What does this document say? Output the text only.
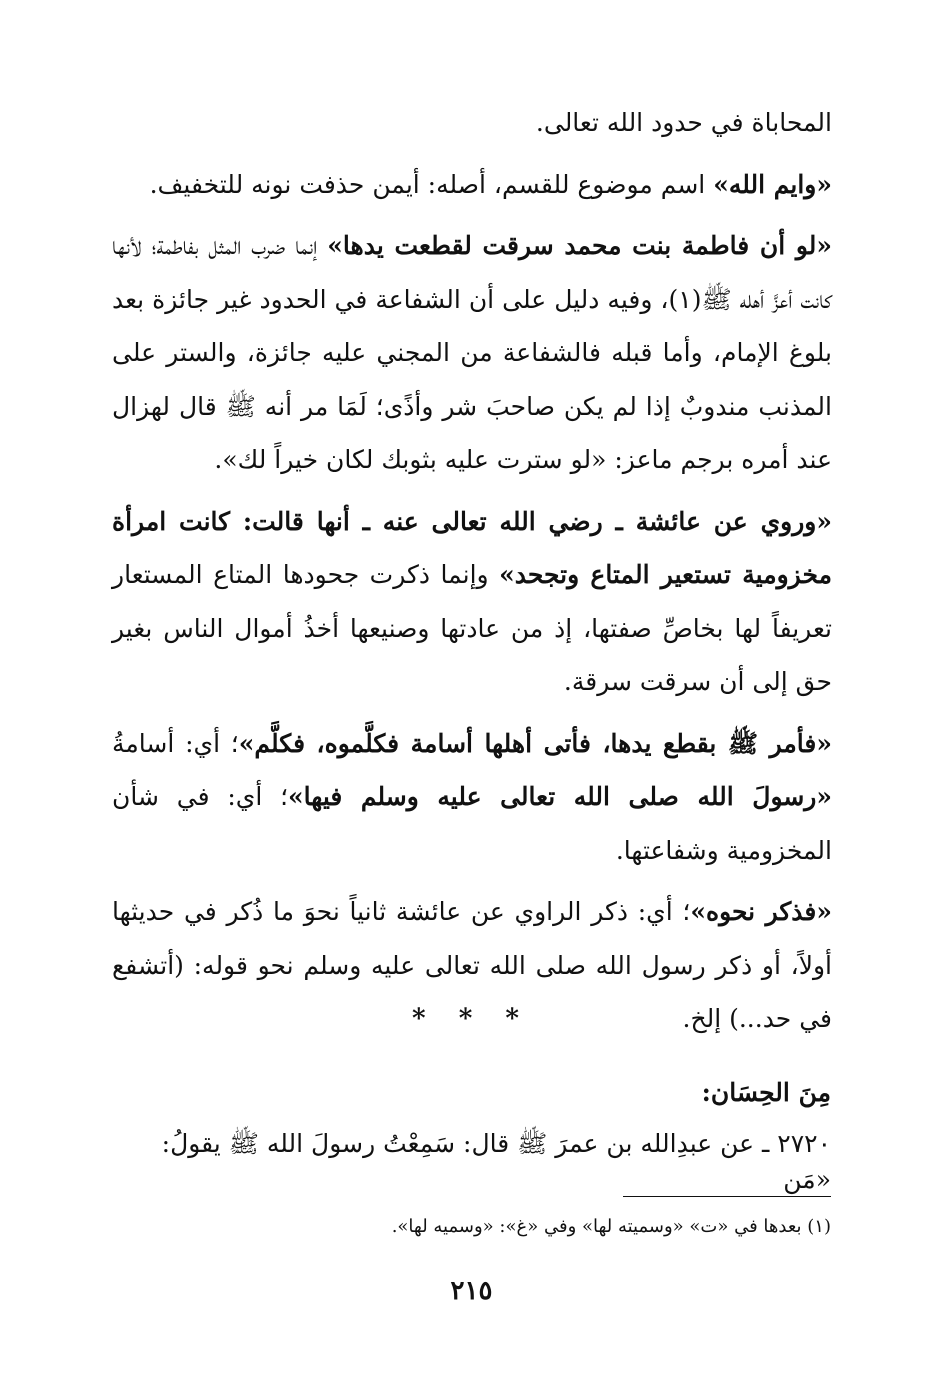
المحاباة في حدود الله تعالى.

«وايم الله» اسم موضوع للقسم، أصله: أيمن حذفت نونه للتخفيف.

«لو أن فاطمة بنت محمد سرقت لقطعت يدها» إنما ضرب المثل بفاطمة؛ لأنها كانت أعزَّ أهله ﷺ(١)، وفيه دليل على أن الشفاعة في الحدود غير جائزة بعد بلوغ الإمام، وأما قبله فالشفاعة من المجني عليه جائزة، والستر على المذنب مندوبٌ إذا لم يكن صاحبَ شر وأذًى؛ لَمَا مر أنه ﷺ قال لهزال عند أمره برجم ماعز: «لو سترت عليه بثوبك لكان خيراً لك».

«وروي عن عائشة ـ رضي الله تعالى عنه ـ أنها قالت: كانت امرأة مخزومية تستعير المتاع وتجحد» وإنما ذكرت جحودها المتاع المستعار تعريفاً لها بخاصِّ صفتها، إذ من عادتها وصنيعها أخذُ أموال الناس بغير حق إلى أن سرقت سرقة.

«فأمر ﷺ بقطع يدها، فأتى أهلها أسامة فكلَّموه، فكلَّم»؛ أي: أسامةُ «رسولَ الله صلى الله تعالى عليه وسلم فيها»؛ أي: في شأن المخزومية وشفاعتها.

«فذكر نحوه»؛ أي: ذكر الراوي عن عائشة ثانياً نحوَ ما ذُكر في حديثها أولاً، أو ذكر رسول الله صلى الله تعالى عليه وسلم نحو قوله: (أتشفع في حد...) إلخ.

* * *
مِنَ الحِسَان:
٢٧٢٠ ـ عن عبدِالله بن عمرَ ﷺ قال: سَمِعْتُ رسولَ الله ﷺ يقولُ: «مَن
(١) بعدها في «ت» «وسميته لها» وفي «غ»: «وسميه لها».
٢١٥
